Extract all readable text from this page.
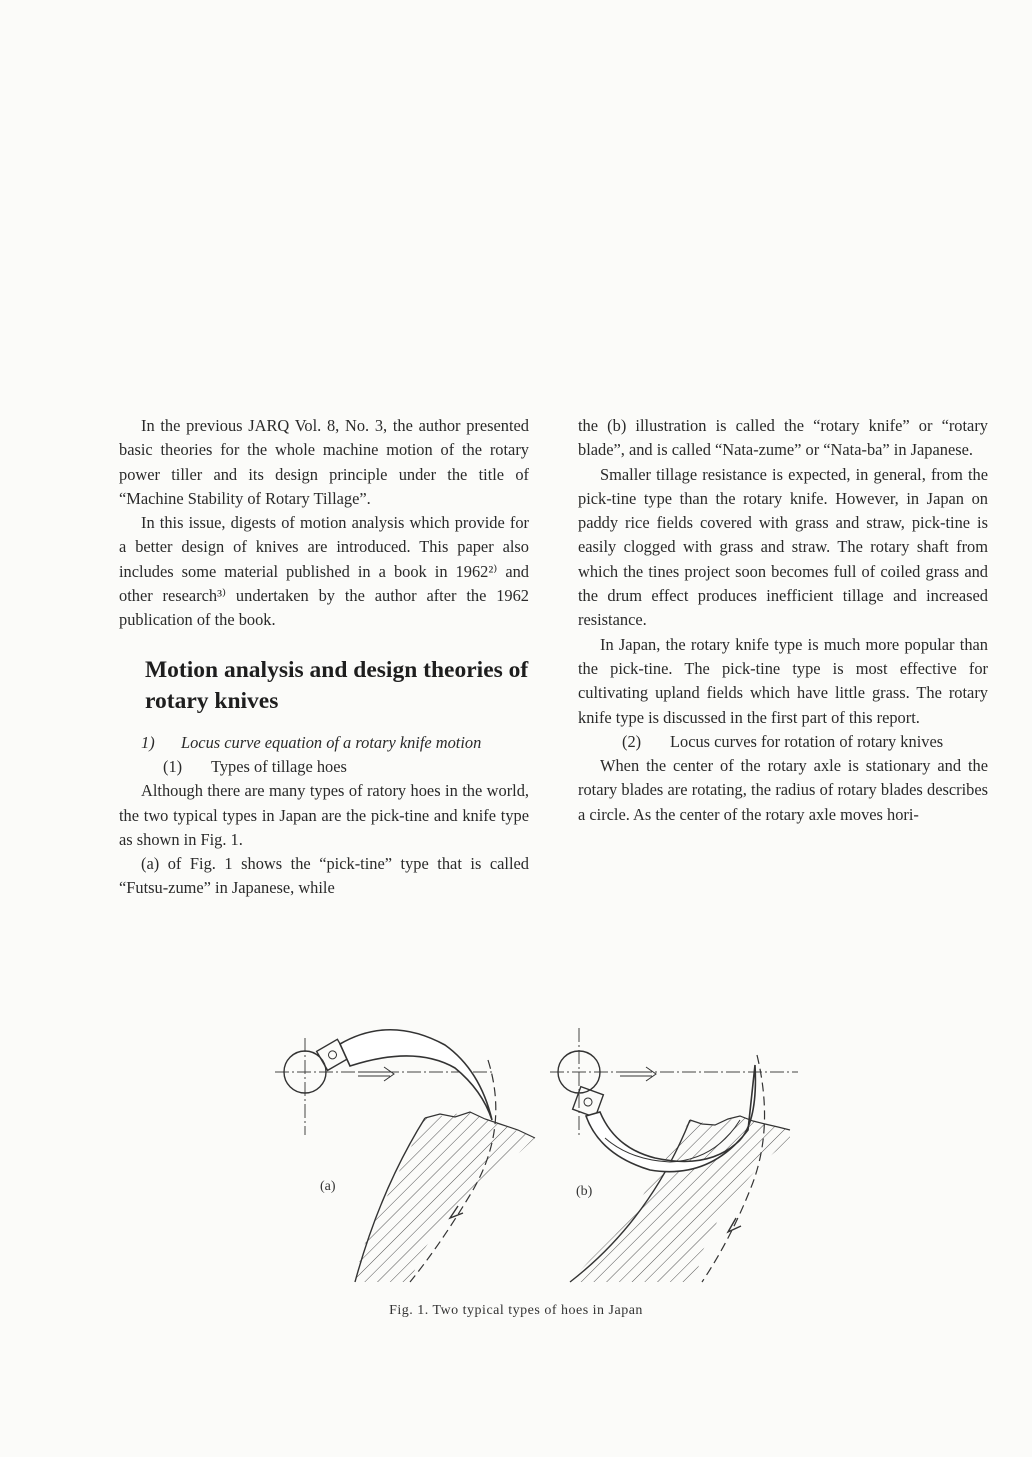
In the previous JARQ Vol. 8, No. 3, the author presented basic theories for the whole machine motion of the rotary power tiller and its design principle under the title of “Machine Stability of Rotary Tillage”.

In this issue, digests of motion analysis which provide for a better design of knives are introduced. This paper also includes some material published in a book in 1962²⁾ and other research³⁾ undertaken by the author after the 1962 publication of the book.

Motion analysis and design theories of rotary knives

1) Locus curve equation of a rotary knife motion

(1) Types of tillage hoes

Although there are many types of ratory hoes in the world, the two typical types in Japan are the pick-tine and knife type as shown in Fig. 1.

(a) of Fig. 1 shows the “pick-tine” type that is called “Futsu-zume” in Japanese, while

the (b) illustration is called the “rotary knife” or “rotary blade”, and is called “Nata-zume” or “Nata-ba” in Japanese.

Smaller tillage resistance is expected, in general, from the pick-tine type than the rotary knife. However, in Japan on paddy rice fields covered with grass and straw, pick-tine is easily clogged with grass and straw. The rotary shaft from which the tines project soon becomes full of coiled grass and the drum effect produces inefficient tillage and increased resistance.

In Japan, the rotary knife type is much more popular than the pick-tine. The pick-tine type is most effective for cultivating upland fields which have little grass. The rotary knife type is discussed in the first part of this report.

(2) Locus curves for rotation of rotary knives

When the center of the rotary axle is stationary and the rotary blades are rotating, the radius of rotary blades describes a circle. As the center of the rotary axle moves hori-

(a)	(b)
Fig. 1. Two typical types of hoes in Japan
